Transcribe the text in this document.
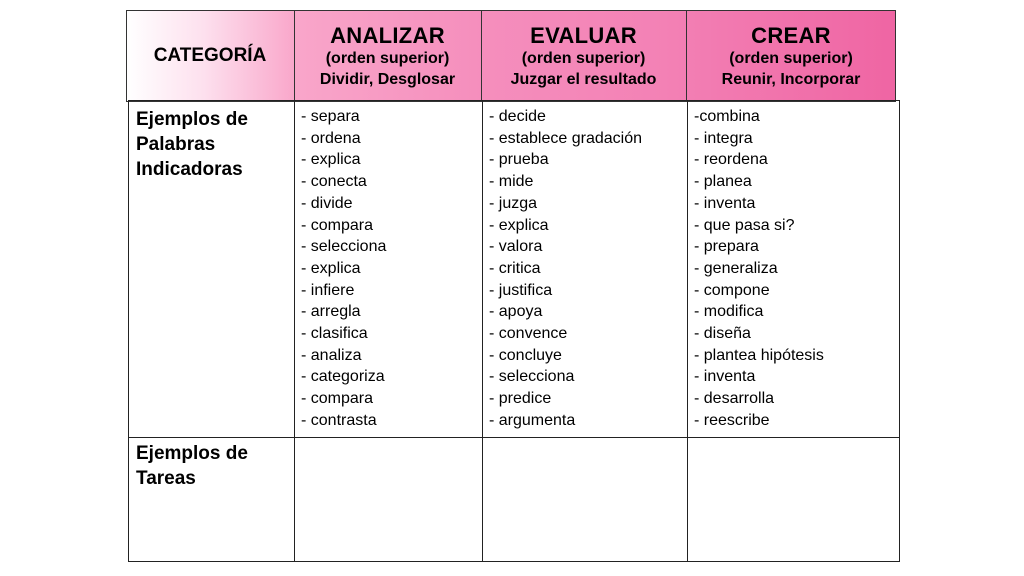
CATEGORÍA
ANALIZAR
(orden superior)
Dividir, Desglosar
EVALUAR
(orden superior)
Juzgar el resultado
CREAR
(orden superior)
Reunir, Incorporar
Ejemplos de
Palabras
Indicadoras
Ejemplos de
Tareas
- separa
- ordena
- explica
- conecta
- divide
- compara
- selecciona
- explica
- infiere
- arregla
- clasifica
- analiza
- categoriza
- compara
- contrasta
- decide
- establece gradación
- prueba
- mide
- juzga
- explica
- valora
- critica
- justifica
- apoya
- convence
- concluye
- selecciona
- predice
- argumenta
-combina
- integra
- reordena
- planea
- inventa
- que pasa si?
- prepara
- generaliza
- compone
- modifica
- diseña
- plantea hipótesis
- inventa
- desarrolla
- reescribe
